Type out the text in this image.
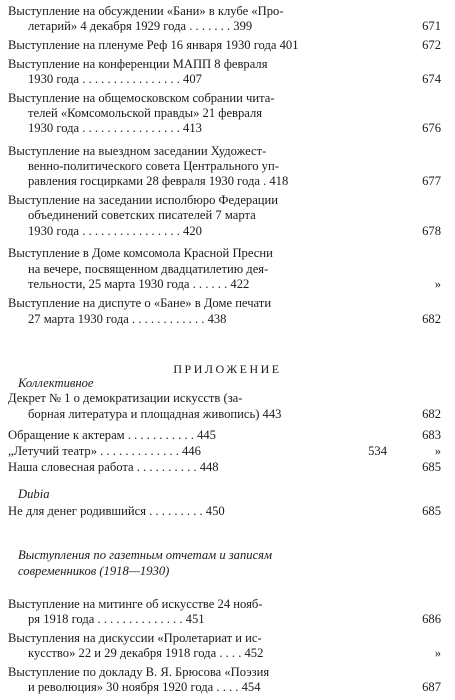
Выступление на обсуждении «Бани» в клубе «Про-
летарий» 4 декабря 1929 года . . . . . . . 399	671
Выступление на пленуме Реф 16 января 1930 года 401	672
Выступление на конференции МАПП 8 февраля
1930 года . . . . . . . . . . . . . . . . 407	674
Выступление на общемосковском собрании чита-
телей «Комсомольской правды» 21 февраля
1930 года . . . . . . . . . . . . . . . . 413	676
Выступление на выездном заседании Художест-
венно-политического совета Центрального уп-
равления госцирками 28 февраля 1930 года . 418	677
Выступление на заседании исполбюро Федерации
объединений советских писателей 7 марта
1930 года . . . . . . . . . . . . . . . . 420	678
Выступление в Доме комсомола Красной Пресни
на вечере, посвященном двадцатилетию дея-
тельности, 25 марта 1930 года . . . . . . 422	»
Выступление на диспуте о «Бане» в Доме печати
27 марта 1930 года . . . . . . . . . . . . 438	682
ПРИЛОЖЕНИЕ
Коллективное
Декрет № 1 о демократизации искусств (за-
борная литература и площадная живопись) 443	682
Обращение к актерам . . . . . . . . . . . 445	683
„Летучий театр» . . . . . . . . . . . . . 446	534	»
Наша словесная работа . . . . . . . . . . 448	685
Dubia
Не для денег родившийся . . . . . . . . . 450	685
Выступления по газетным отчетам и записям
современников (1918—1930)
Выступление на митинге об искусстве 24 нояб-
ря 1918 года . . . . . . . . . . . . . . 451	686
Выступления на дискуссии «Пролетариат и ис-
кусство» 22 и 29 декабря 1918 года . . . . 452	»
Выступление по докладу В. Я. Брюсова «Поэзия
и революция» 30 ноября 1920 года . . . . 454	687
